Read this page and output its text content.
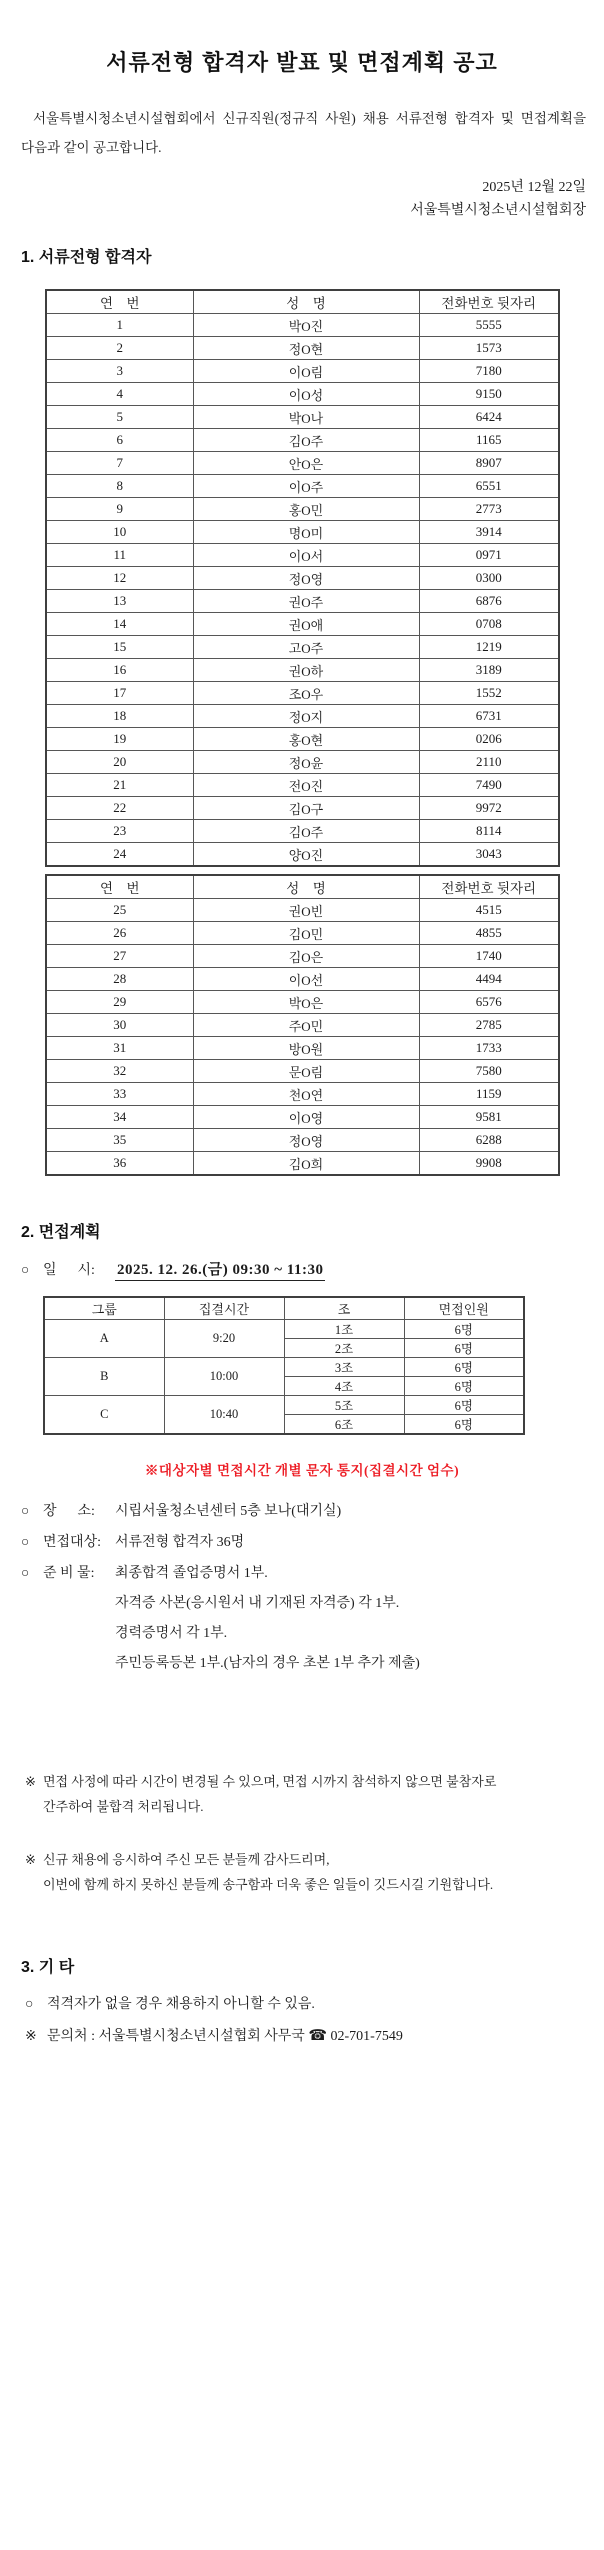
서류전형 합격자 발표 및 면접계획 공고
서울특별시청소년시설협회에서 신규직원(정규직 사원) 채용 서류전형 합격자 및 면접계획을 다음과 같이 공고합니다.
2025년 12월 22일
서울특별시청소년시설협회장
1. 서류전형 합격자
연    번	성    명	전화번호 뒷자리
1	박O진	5555
2	정O현	1573
3	이O림	7180
4	이O성	9150
5	박O나	6424
6	김O주	1165
7	안O은	8907
8	이O주	6551
9	홍O민	2773
10	명O미	3914
11	이O서	0971
12	정O영	0300
13	권O주	6876
14	권O애	0708
15	고O주	1219
16	권O하	3189
17	조O우	1552
18	정O지	6731
19	홍O현	0206
20	정O윤	2110
21	전O진	7490
22	김O구	9972
23	김O주	8114
24	양O진	3043
연    번	성    명	전화번호 뒷자리
25	권O빈	4515
26	김O민	4855
27	김O은	1740
28	이O선	4494
29	박O은	6576
30	주O민	2785
31	방O원	1733
32	문O림	7580
33	천O연	1159
34	이O영	9581
35	정O영	6288
36	김O희	9908
2. 면접계획
○ 일      시: 2025. 12. 26.(금) 09:30 ~ 11:30
그룹	집결시간	조	면접인원
A	9:20	1조	6명
		2조	6명
B	10:00	3조	6명
		4조	6명
C	10:40	5조	6명
		6조	6명
※대상자별 면접시간 개별 문자 통지(집결시간 엄수)
○ 장      소:	시립서울청소년센터 5층 보나(대기실)
○ 면접대상:	서류전형 합격자 36명
○ 준 비 물:	최종합격 졸업증명서 1부.
자격증 사본(응시원서 내 기재된 자격증) 각 1부.
경력증명서 각 1부.
주민등록등본 1부.(남자의 경우 초본 1부 추가 제출)
※ 면접 사정에 따라 시간이 변경될 수 있으며, 면접 시까지 참석하지 않으면 불참자로
간주하여 불합격 처리됩니다.
※ 신규 채용에 응시하여 주신 모든 분들께 감사드리며,
이번에 함께 하지 못하신 분들께 송구함과 더욱 좋은 일들이 깃드시길 기원합니다.
3. 기 타
○ 적격자가 없을 경우 채용하지 아니할 수 있음.
※ 문의처 : 서울특별시청소년시설협회 사무국 ☎ 02-701-7549
